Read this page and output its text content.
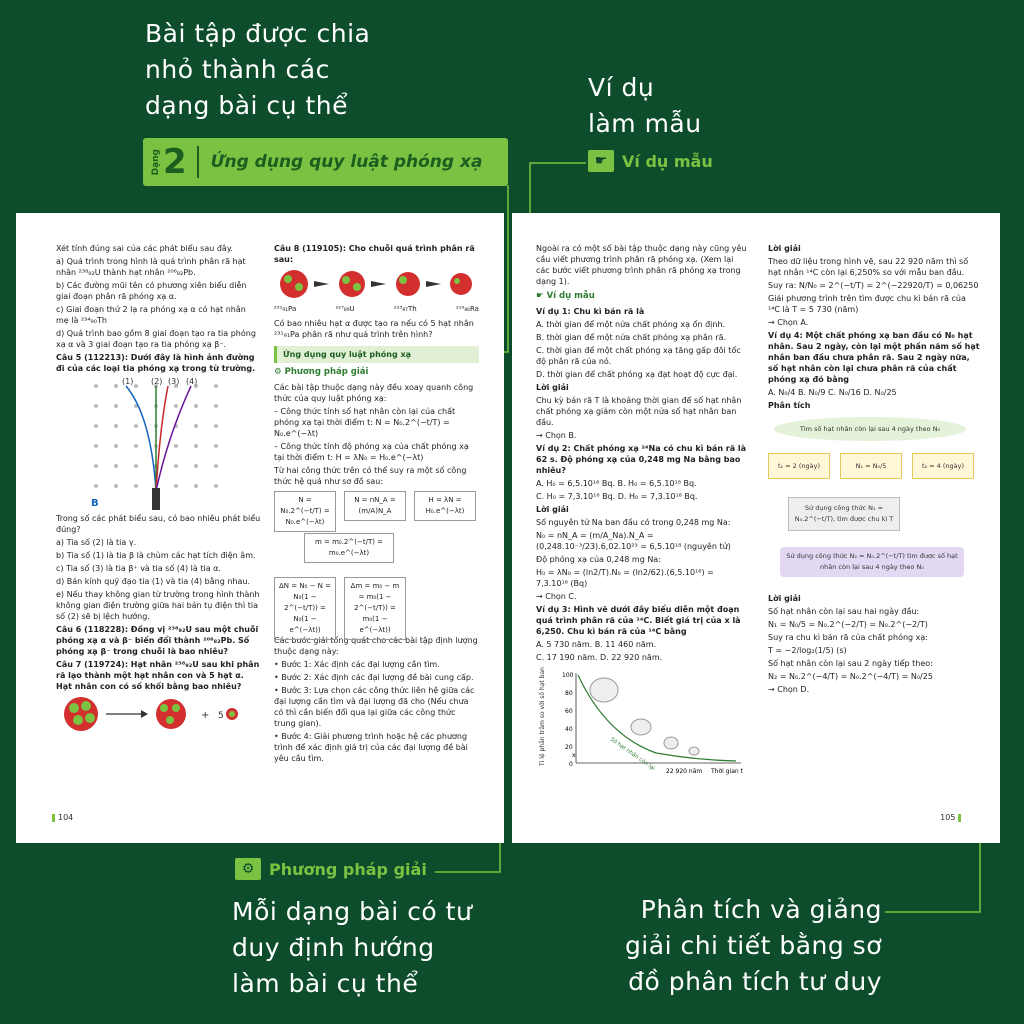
Bài tập được chia
nhỏ thành các
dạng bài cụ thể
Ví dụ
làm mẫu
Mỗi dạng bài có tư
duy định hướng
làm bài cụ thể
Phân tích và giảng
giải chi tiết bằng sơ
đồ phân tích tư duy
Dạng 2 Ứng dụng quy luật phóng xạ	☛ Ví dụ mẫu
⚙ Phương pháp giải

Xét tính đúng sai của các phát biểu sau đây.

a) Quá trình trong hình là quá trình phân rã hạt nhân ²³⁸₉₂U thành hạt nhân ²⁰⁶₈₂Pb.

b) Các đường mũi tên có phương xiên biểu diễn giai đoạn phân rã phóng xạ α.

c) Giai đoạn thứ 2 lạ ra phóng xạ α có hạt nhân mẹ là ²³⁴₉₀Th

d) Quá trình bao gồm 8 giai đoạn tạo ra tia phóng xạ α và 3 giai đoạn tạo ra tia phóng xạ β⁻.

Câu 5 (112213): Dưới đây là hình ảnh đường đi của các loại tia phóng xạ trong từ trường.

(1) (2) (3) (4)
B

Trong số các phát biểu sau, có bao nhiêu phát biểu đúng?

a) Tia số (2) là tia γ.

b) Tia số (1) là tia β là chùm các hạt tích điện âm.

c) Tia số (3) là tia β⁺ và tia số (4) là tia α.

d) Bán kính quỹ đạo tia (1) và tia (4) bằng nhau.

e) Nếu thay không gian từ trường trong hình thành không gian điện trường giữa hai bản tụ điện thì tia số (2) sẽ bị lệch hướng.

Câu 6 (118228): Đồng vị ²³⁸₉₂U sau một chuỗi phóng xạ α và β⁻ biến đổi thành ²⁰⁶₈₂Pb. Số phóng xạ β⁻ trong chuỗi là bao nhiêu?

Câu 7 (119724): Hạt nhân ²³⁸₉₂U sau khi phân rã lạo thành một hạt nhân con và 5 hạt α. Hạt nhân con có số khối bằng bao nhiêu?

+ 5

Câu 8 (119105): Cho chuỗi quá trình phân rã sau:

²³¹₉₁Pa	²²⁷₈₉U	²²³₈₇Th	²¹⁹₈₆Ra

Có bao nhiêu hạt α được tạo ra nếu có 5 hạt nhân ²³¹₉₁Pa phân rã như quá trình trên hình?

Ứng dụng quy luật phóng xạ
⚙ Phương pháp giải

Các bài tập thuộc dạng này đều xoay quanh công thức của quy luật phóng xạ:

– Công thức tính số hạt nhân còn lại của chất phóng xạ tại thời điểm t: N = N₀.2^(−t/T) = N₀.e^(−λt)

– Công thức tính độ phóng xạ của chất phóng xạ tại thời điểm t: H = λN₀ = H₀.e^(−λt)

Từ hai công thức trên có thể suy ra một số công thức hệ quả như sơ đồ sau:

N = N₀.2^(−t/T) = N₀.e^(−λt)
N = nN_A = (m/A)N_A
H = λN = H₀.e^(−λt)
m = m₀.2^(−t/T) = m₀.e^(−λt)
ΔN = N₀ − N = N₀(1 − 2^(−t/T)) = N₀(1 − e^(−λt))
Δm = m₀ − m = m₀(1 − 2^(−t/T)) = m₀(1 − e^(−λt))

Các bước giải tổng quát cho các bài tập định lượng thuộc dạng này:

• Bước 1: Xác định các đại lượng cần tìm.

• Bước 2: Xác định các đại lượng đề bài cung cấp.

• Bước 3: Lựa chọn các công thức liên hệ giữa các đại lượng cần tìm và đại lượng đã cho (Nếu chưa có thì cần biến đổi qua lại giữa các công thức trung gian).

• Bước 4: Giải phương trình hoặc hệ các phương trình để xác định giá trị của các đại lượng đề bài yêu cầu tìm.

104

Ngoài ra có một số bài tập thuộc dạng này cũng yêu cầu viết phương trình phân rã phóng xạ. (Xem lại các bước viết phương trình phân rã phóng xạ trong dạng 1).

☛ Ví dụ mẫu

Ví dụ 1: Chu kì bán rã là

A. thời gian để một nửa chất phóng xạ ổn định.

B. thời gian để một nửa chất phóng xạ phân rã.

C. thời gian để một chất phóng xạ tăng gấp đôi tốc độ phân rã của nó.

D. thời gian để chất phóng xạ đạt hoạt độ cực đại.

Lời giải

Chu kỳ bán rã T là khoảng thời gian để số hạt nhân chất phóng xạ giảm còn một nửa số hạt nhân ban đầu.

→ Chọn B.

Ví dụ 2: Chất phóng xạ ²⁴Na có chu kì bán rã là 62 s. Độ phóng xạ của 0,248 mg Na bằng bao nhiêu?

A. H₀ = 6,5.10¹⁶ Bq. B. H₀ = 6,5.10¹⁸ Bq.

C. H₀ = 7,3.10¹⁶ Bq. D. H₀ = 7,3.10¹⁸ Bq.

Lời giải

Số nguyên tử Na ban đầu có trong 0,248 mg Na:

N₀ = nN_A = (m/A_Na).N_A = (0,248.10⁻³/23).6,02.10²³ = 6,5.10¹⁸ (nguyên tử)

Độ phóng xạ của 0,248 mg Na:

H₀ = λN₀ = (ln2/T).N₀ = (ln2/62).(6,5.10¹⁸) = 7,3.10¹⁶ (Bq)

→ Chọn C.

Ví dụ 3: Hình vẽ dưới đây biểu diễn một đoạn quá trình phân rã của ¹⁴C. Biết giá trị của x là 6,250. Chu kì bán rã của ¹⁴C bằng

A. 5 730 năm. B. 11 460 năm.

C. 17 190 năm. D. 22 920 năm.

Tỉ lệ phần trăm so với số hạt ban đầu (%)	100
80
60
40
20
0	Số hạt nhân còn lại
x
22 920 năm Thời gian t

Lời giải

Theo dữ liệu trong hình vẽ, sau 22 920 năm thì số hạt nhân ¹⁴C còn lại 6,250% so với mẫu ban đầu.

Suy ra: N/N₀ = 2^(−t/T) = 2^(−22920/T) = 0,06250

Giải phương trình trên tìm được chu kì bán rã của ¹⁴C là T = 5 730 (năm)

→ Chọn A.

Ví dụ 4: Một chất phóng xạ ban đầu có N₀ hạt nhân. Sau 2 ngày, còn lại một phần năm số hạt nhân ban đầu chưa phân rã. Sau 2 ngày nữa, số hạt nhân còn lại chưa phân rã của chất phóng xạ đó bằng

A. N₀/4 B. N₀/9 C. N₀/16 D. N₀/25

Phân tích

Tìm số hạt nhân còn lại sau 4 ngày theo N₀
t₁ = 2 (ngày)	N₁ = N₀/5	t₂ = 4 (ngày)
Sử dụng công thức N₁ = N₀.2^(−t/T), tìm được chu kì T
Sử dụng công thức N₂ = N₀.2^(−t/T) tìm được số hạt nhân còn lại sau 4 ngày theo N₀

Lời giải

Số hạt nhân còn lại sau hai ngày đầu:

N₁ = N₀/5 = N₀.2^(−2/T) = N₀.2^(−2/T)

Suy ra chu kì bán rã của chất phóng xạ:

T = −2/log₂(1/5) (s)

Số hạt nhân còn lại sau 2 ngày tiếp theo:

N₂ = N₀.2^(−4/T) = N₀.2^(−4/T) = N₀/25

→ Chọn D.

105
